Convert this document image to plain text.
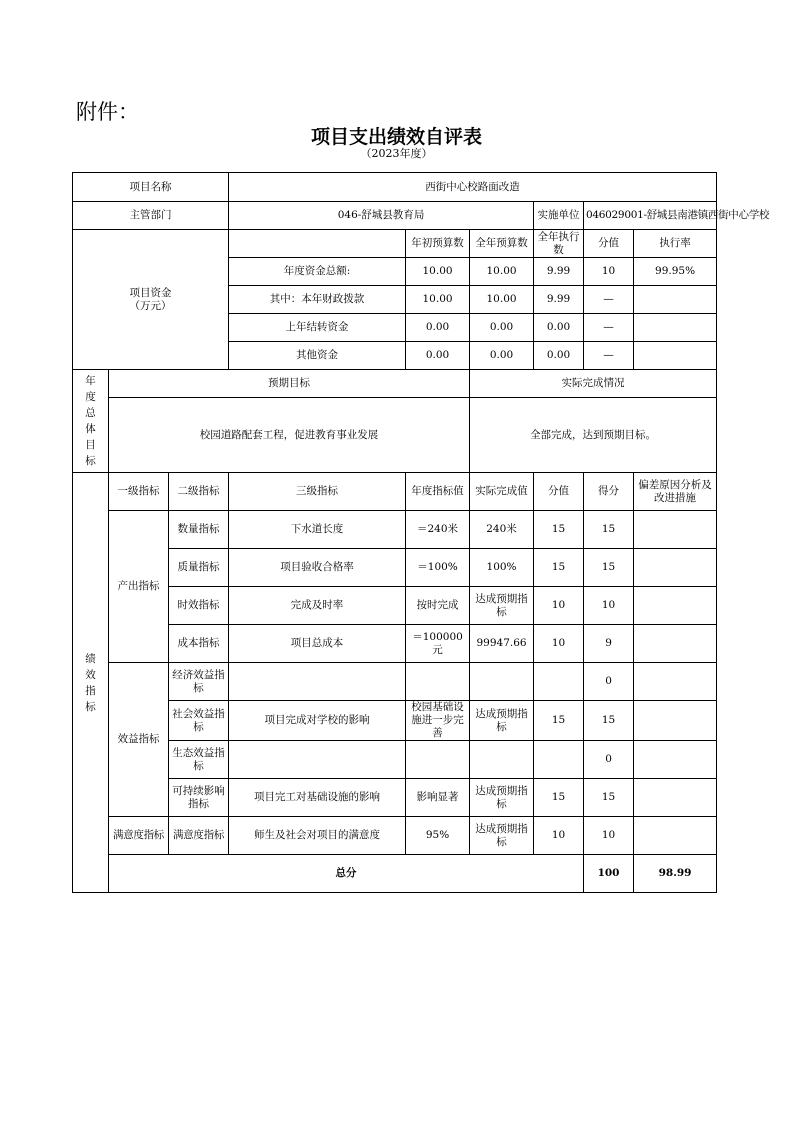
附件：
项目支出绩效自评表
（2023年度）
项目名称			西街中心校路面改造						
主管部门			046-舒城县教育局			实施单位	046029001-舒城县南港镇西街中心学校		
项目资金
（万元）				年初预算数	全年预算数	全年执行数	分值	执行率	
			年度资金总额:	10.00	10.00	9.99	10	99.95%	
			其中：本年财政拨款	10.00	10.00	9.99	—		
			上年结转资金	0.00	0.00	0.00	—		
			其他资金	0.00	0.00	0.00	—		

年度总体目标	预期目标				实际完成情况				
	校园道路配套工程，促进教育事业发展				全部完成，达到预期目标。				

绩效指标	一级指标	二级指标	三级指标	年度指标值	实际完成值	分值	得分	偏差原因分析及改进措施	
	产出指标	数量指标	下水道长度	＝240米	240米	15	15		
		质量指标	项目验收合格率	＝100%	100%	15	15		
		时效指标	完成及时率	按时完成	达成预期指标	10	10		
		成本指标	项目总成本	＝100000元	99947.66	10	9		
	效益指标	经济效益指标					0		
		社会效益指标	项目完成对学校的影响	校园基础设施进一步完善	达成预期指标	15	15		
		生态效益指标					0		
		可持续影响指标	项目完工对基础设施的影响	影响显著	达成预期指标	15	15		
	满意度指标	满意度指标	师生及社会对项目的满意度	95%	达成预期指标	10	10		
	总分						100	98.99	
